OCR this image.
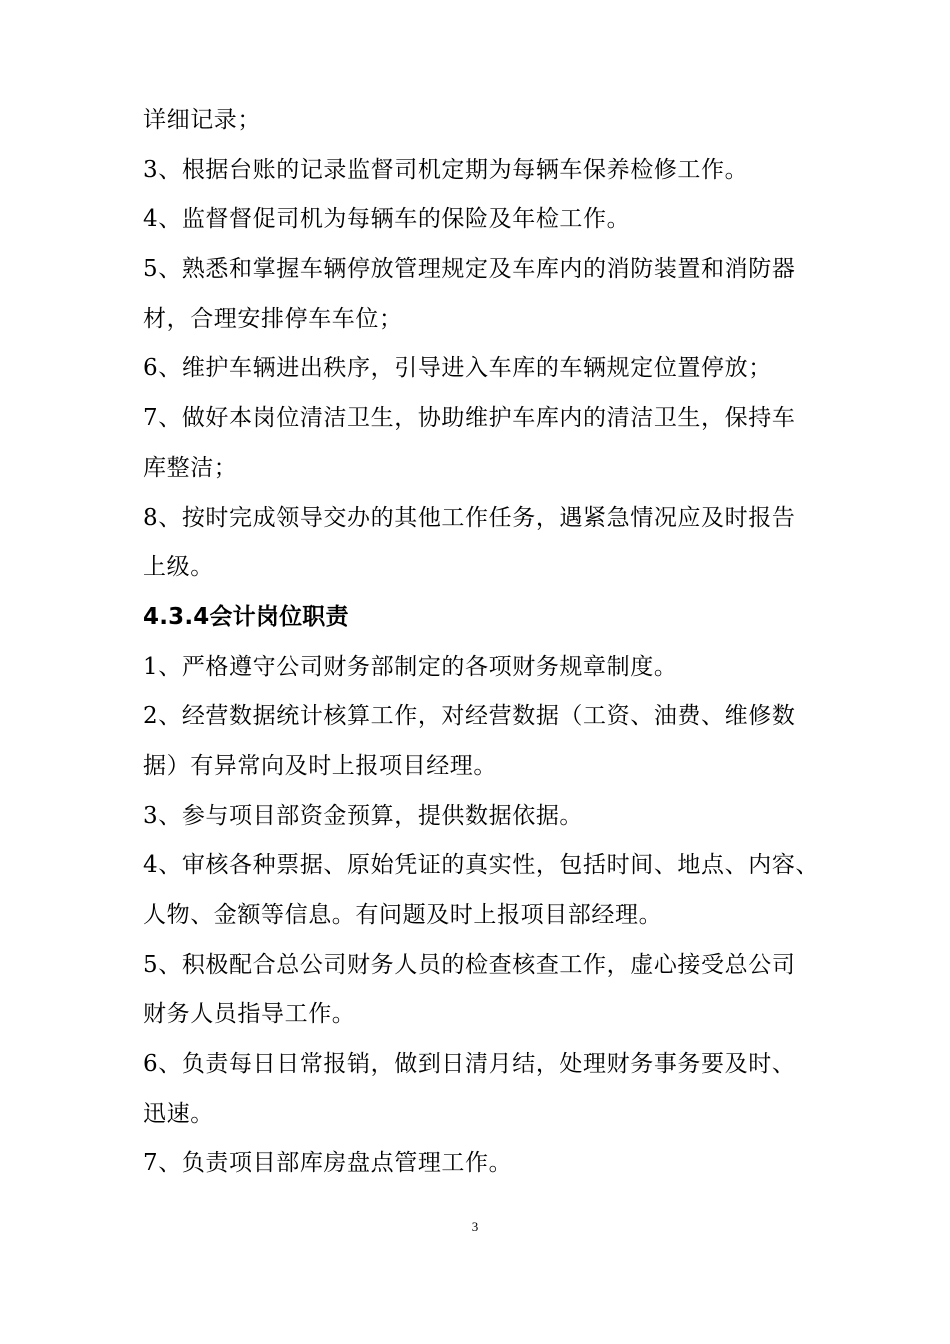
详细记录；
3、根据台账的记录监督司机定期为每辆车保养检修工作。
4、监督督促司机为每辆车的保险及年检工作。
5、熟悉和掌握车辆停放管理规定及车库内的消防装置和消防器
材，合理安排停车车位；
6、维护车辆进出秩序，引导进入车库的车辆规定位置停放；
7、做好本岗位清洁卫生，协助维护车库内的清洁卫生，保持车
库整洁；
8、按时完成领导交办的其他工作任务，遇紧急情况应及时报告
上级。
4.3.4会计岗位职责
1、严格遵守公司财务部制定的各项财务规章制度。
2、经营数据统计核算工作，对经营数据（工资、油费、维修数
据）有异常向及时上报项目经理。
3、参与项目部资金预算，提供数据依据。
4、审核各种票据、原始凭证的真实性，包括时间、地点、内容、
人物、金额等信息。有问题及时上报项目部经理。
5、积极配合总公司财务人员的检查核查工作，虚心接受总公司
财务人员指导工作。
6、负责每日日常报销，做到日清月结，处理财务事务要及时、
迅速。
7、负责项目部库房盘点管理工作。
3
